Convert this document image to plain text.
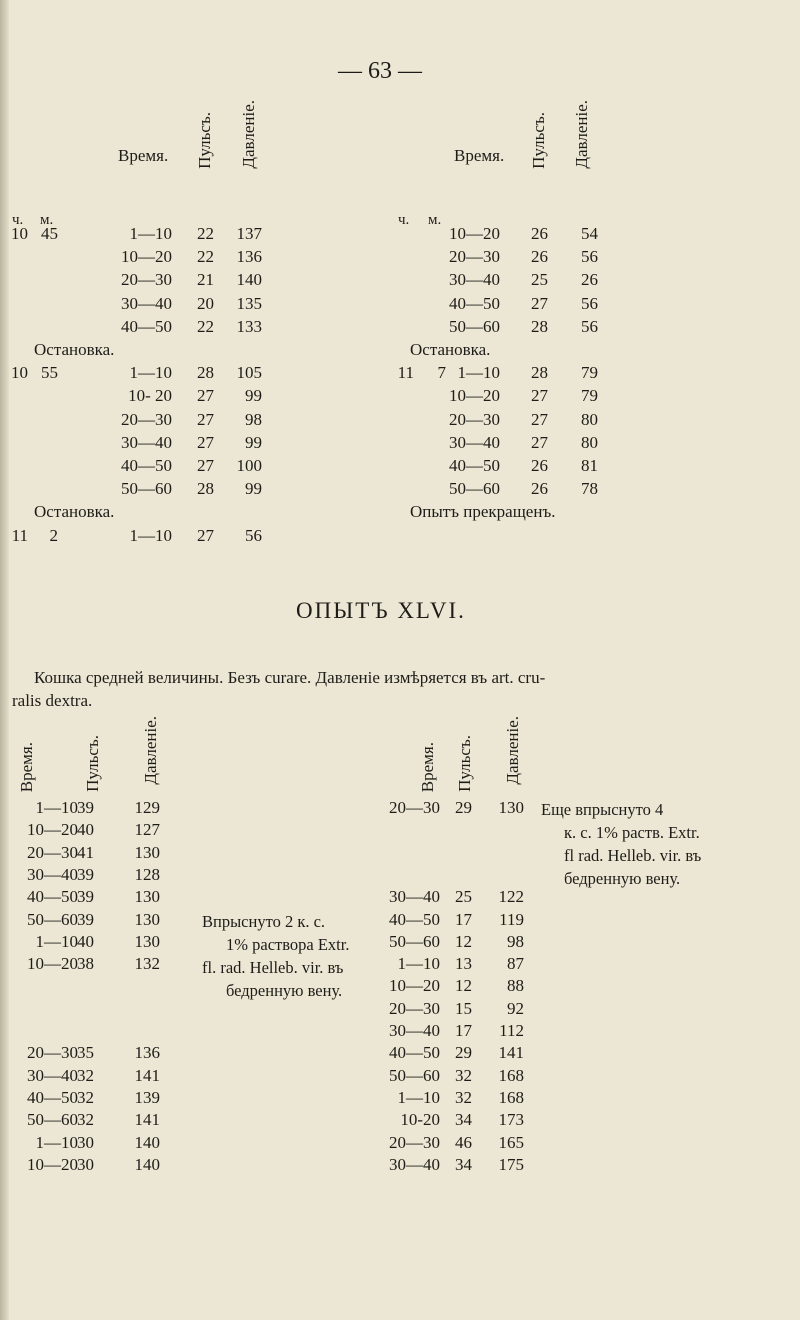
— 63 —
Время. Пульсъ. Давленіе.	Время. Пульсъ. Давленіе.
ч. м.	ч. м.
10 45	1—10	22	137
10—20	22	136
20—30	21	140
30—40	20	135
40—50	22	133
Остановка.
10 55	1—10	28	105
10- 20	27	99
20—30	27	98
30—40	27	99
40—50	27	100
50—60	28	99
Остановка.
11	2	1—10	27	56
10—20	26	54
20—30	26	56
30—40	25	26
40—50	27	56
50—60	28	56
Остановка.
11	7 1—10	28	79
10—20	27	79
20—30	27	80
30—40	27	80
40—50	26	81
50—60	26	78
Опытъ прекращенъ.
ОПЫТЪ XLVI.
Кошка средней величины. Безъ curare. Давленіе измѣряется въ art. cru-
ralis dextra.
Время.	Пульсъ. Давленіе.	Время. Пульсъ. Давленіе.
1—10 39	129
10—20 40	127
20—30 41	130
30—40 39	128
40—50 39	130
50—60 39	130
1—10 40	130
10—20 38	132
20—30 35	136
30—40 32	141
40—50 32	139
50—60 32	141
1—10 30	140
10—20 30	140
20—30 29	130
30—40 25	122
40—50 17	119
50—60 12	98
1—10 13	87
10—20 12	88
20—30 15	92
30—40 17	112
40—50 29	141
50—60 32	168
1—10 32	168
10-20 34	173
20—30 46	165
30—40 34	175
Впрыснуто 2 к. с.
1% раствора Extr.
fl. rad. Helleb. vir. въ
бедренную вену.
Еще впрыснуто 4
к. с. 1% раств. Extr.
fl rad. Helleb. vir. въ
бедренную вену.
